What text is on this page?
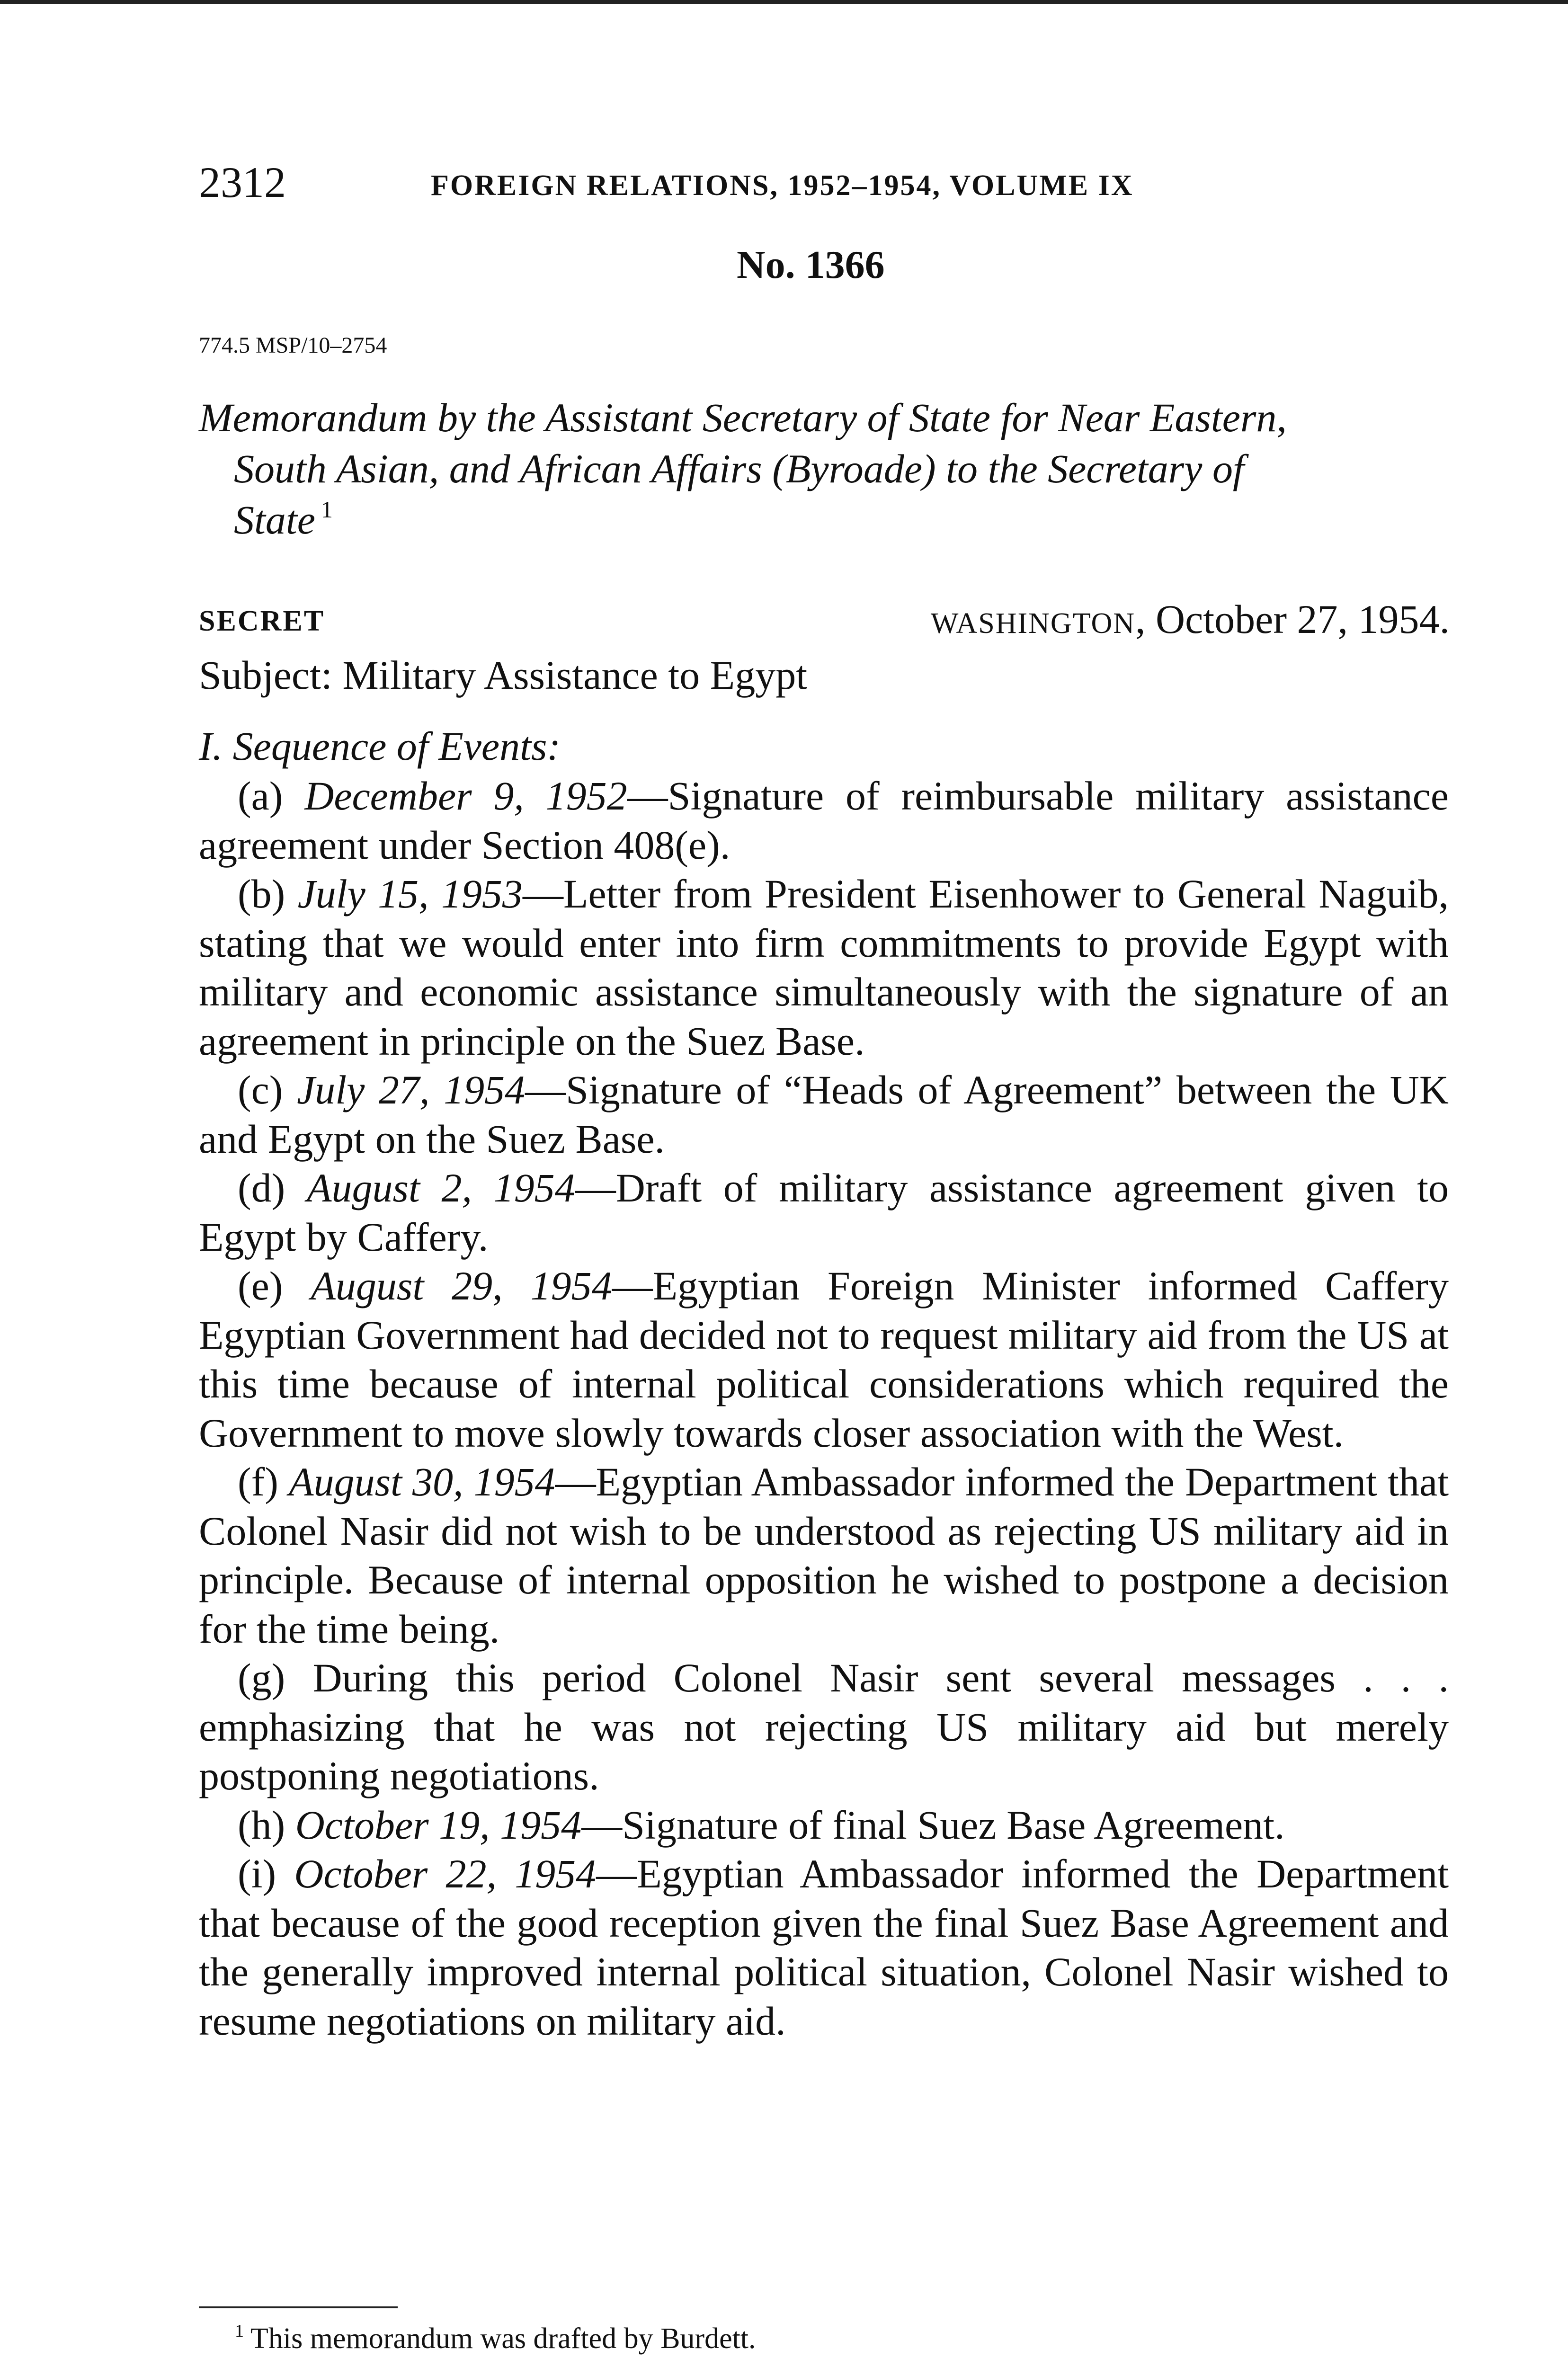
2312	FOREIGN RELATIONS, 1952–1954, VOLUME IX
No. 1366
774.5 MSP/10–2754
Memorandum by the Assistant Secretary of State for Near Eastern,
South Asian, and African Affairs (Byroade) to the Secretary of
State $^1$
SECRET	WASHINGTON, October 27, 1954.
Subject: Military Assistance to Egypt
I. Sequence of Events:

(a) December 9, 1952—Signature of reimbursable military assistance agreement under Section 408(e).

(b) July 15, 1953—Letter from President Eisenhower to General Naguib, stating that we would enter into firm commitments to provide Egypt with military and economic assistance simultaneously with the signature of an agreement in principle on the Suez Base.

(c) July 27, 1954—Signature of “Heads of Agreement” between the UK and Egypt on the Suez Base.

(d) August 2, 1954—Draft of military assistance agreement given to Egypt by Caffery.

(e) August 29, 1954—Egyptian Foreign Minister informed Caffery Egyptian Government had decided not to request military aid from the US at this time because of internal political considerations which required the Government to move slowly towards closer association with the West.

(f) August 30, 1954—Egyptian Ambassador informed the Department that Colonel Nasir did not wish to be understood as rejecting US military aid in principle. Because of internal opposition he wished to postpone a decision for the time being.

(g) During this period Colonel Nasir sent several messages . . . emphasizing that he was not rejecting US military aid but merely postponing negotiations.

(h) October 19, 1954—Signature of final Suez Base Agreement.

(i) October 22, 1954—Egyptian Ambassador informed the Department that because of the good reception given the final Suez Base Agreement and the generally improved internal political situation, Colonel Nasir wished to resume negotiations on military aid.

$^1$ This memorandum was drafted by Burdett.
